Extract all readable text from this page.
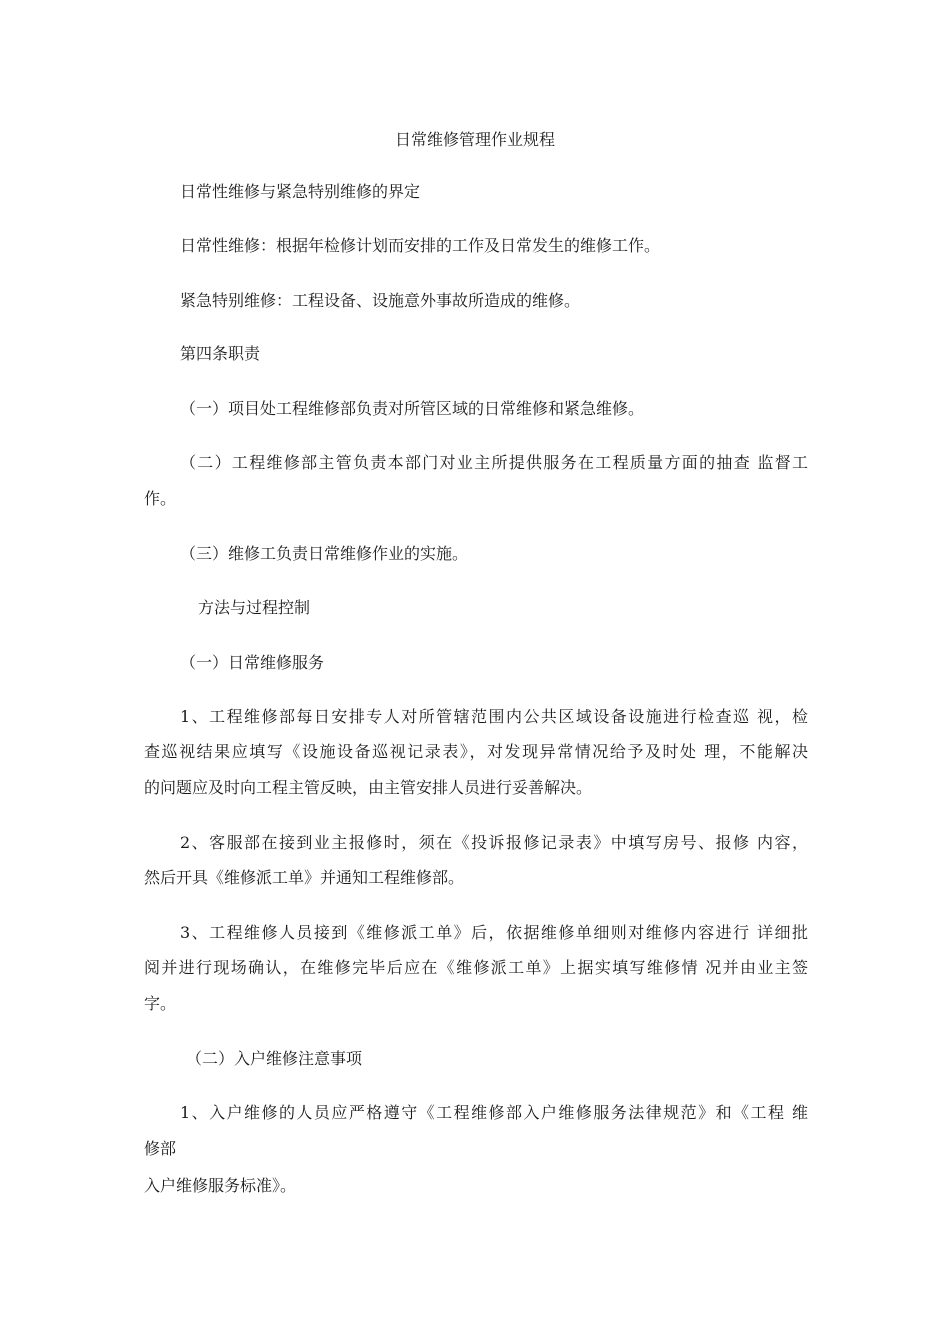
日常维修管理作业规程
日常性维修与紧急特别维修的界定
日常性维修：根据年检修计划而安排的工作及日常发生的维修工作。
紧急特别维修：工程设备、设施意外事故所造成的维修。
第四条职责
（一）项目处工程维修部负责对所管区域的日常维修和紧急维修。
（二）工程维修部主管负责本部门对业主所提供服务在工程质量方面的抽查 监督工
作。
（三）维修工负责日常维修作业的实施。
方法与过程控制
（一）日常维修服务
1、工程维修部每日安排专人对所管辖范围内公共区域设备设施进行检查巡 视，检
查巡视结果应填写《设施设备巡视记录表》，对发现异常情况给予及时处 理，不能解决
的问题应及时向工程主管反映，由主管安排人员进行妥善解决。
2、客服部在接到业主报修时，须在《投诉报修记录表》中填写房号、报修 内容，
然后开具《维修派工单》并通知工程维修部。
3、工程维修人员接到《维修派工单》后，依据维修单细则对维修内容进行 详细批
阅并进行现场确认，在维修完毕后应在《维修派工单》上据实填写维修情 况并由业主签
字。
（二）入户维修注意事项
1、入户维修的人员应严格遵守《工程维修部入户维修服务法律规范》和《工程 维
修部
入户维修服务标准》。
